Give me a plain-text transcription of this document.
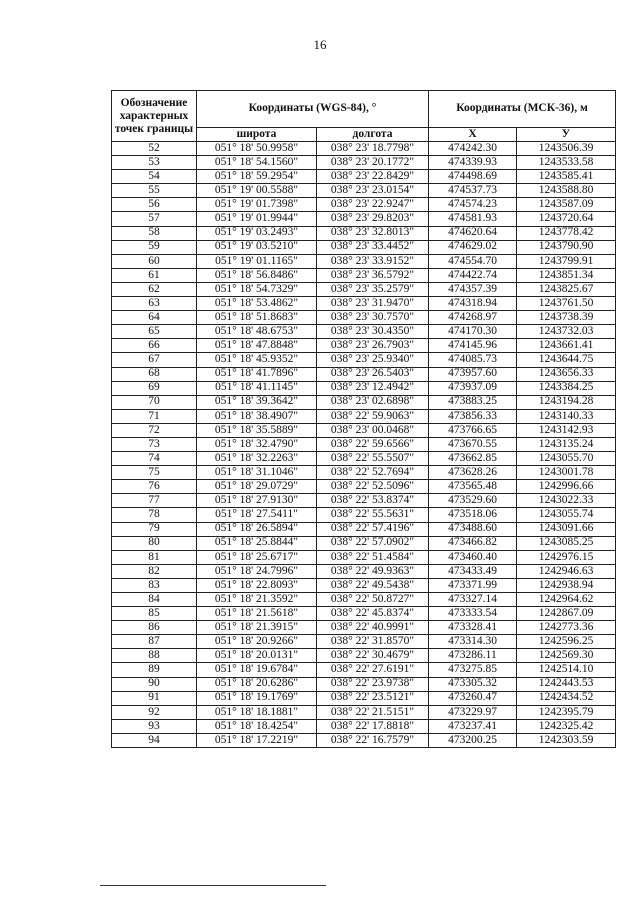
16
Обозначение характерных точек границы	Координаты (WGS-84), °		Координаты (МСК-36), м	
	широта	долгота	Х	У
52	051° 18' 50.9958"	038° 23' 18.7798"	474242.30	1243506.39
53	051° 18' 54.1560"	038° 23' 20.1772"	474339.93	1243533.58
54	051° 18' 59.2954"	038° 23' 22.8429"	474498.69	1243585.41
55	051° 19' 00.5588"	038° 23' 23.0154"	474537.73	1243588.80
56	051° 19' 01.7398"	038° 23' 22.9247"	474574.23	1243587.09
57	051° 19' 01.9944"	038° 23' 29.8203"	474581.93	1243720.64
58	051° 19' 03.2493"	038° 23' 32.8013"	474620.64	1243778.42
59	051° 19' 03.5210"	038° 23' 33.4452"	474629.02	1243790.90
60	051° 19' 01.1165"	038° 23' 33.9152"	474554.70	1243799.91
61	051° 18' 56.8486"	038° 23' 36.5792"	474422.74	1243851.34
62	051° 18' 54.7329"	038° 23' 35.2579"	474357.39	1243825.67
63	051° 18' 53.4862"	038° 23' 31.9470"	474318.94	1243761.50
64	051° 18' 51.8683"	038° 23' 30.7570"	474268.97	1243738.39
65	051° 18' 48.6753"	038° 23' 30.4350"	474170.30	1243732.03
66	051° 18' 47.8848"	038° 23' 26.7903"	474145.96	1243661.41
67	051° 18' 45.9352"	038° 23' 25.9340"	474085.73	1243644.75
68	051° 18' 41.7896"	038° 23' 26.5403"	473957.60	1243656.33
69	051° 18' 41.1145"	038° 23' 12.4942"	473937.09	1243384.25
70	051° 18' 39.3642"	038° 23' 02.6898"	473883.25	1243194.28
71	051° 18' 38.4907"	038° 22' 59.9063"	473856.33	1243140.33
72	051° 18' 35.5889"	038° 23' 00.0468"	473766.65	1243142.93
73	051° 18' 32.4790"	038° 22' 59.6566"	473670.55	1243135.24
74	051° 18' 32.2263"	038° 22' 55.5507"	473662.85	1243055.70
75	051° 18' 31.1046"	038° 22' 52.7694"	473628.26	1243001.78
76	051° 18' 29.0729"	038° 22' 52.5096"	473565.48	1242996.66
77	051° 18' 27.9130"	038° 22' 53.8374"	473529.60	1243022.33
78	051° 18' 27.5411"	038° 22' 55.5631"	473518.06	1243055.74
79	051° 18' 26.5894"	038° 22' 57.4196"	473488.60	1243091.66
80	051° 18' 25.8844"	038° 22' 57.0902"	473466.82	1243085.25
81	051° 18' 25.6717"	038° 22' 51.4584"	473460.40	1242976.15
82	051° 18' 24.7996"	038° 22' 49.9363"	473433.49	1242946.63
83	051° 18' 22.8093"	038° 22' 49.5438"	473371.99	1242938.94
84	051° 18' 21.3592"	038° 22' 50.8727"	473327.14	1242964.62
85	051° 18' 21.5618"	038° 22' 45.8374"	473333.54	1242867.09
86	051° 18' 21.3915"	038° 22' 40.9991"	473328.41	1242773.36
87	051° 18' 20.9266"	038° 22' 31.8570"	473314.30	1242596.25
88	051° 18' 20.0131"	038° 22' 30.4679"	473286.11	1242569.30
89	051° 18' 19.6784"	038° 22' 27.6191"	473275.85	1242514.10
90	051° 18' 20.6286"	038° 22' 23.9738"	473305.32	1242443.53
91	051° 18' 19.1769"	038° 22' 23.5121"	473260.47	1242434.52
92	051° 18' 18.1881"	038° 22' 21.5151"	473229.97	1242395.79
93	051° 18' 18.4254"	038° 22' 17.8818"	473237.41	1242325.42
94	051° 18' 17.2219"	038° 22' 16.7579"	473200.25	1242303.59
